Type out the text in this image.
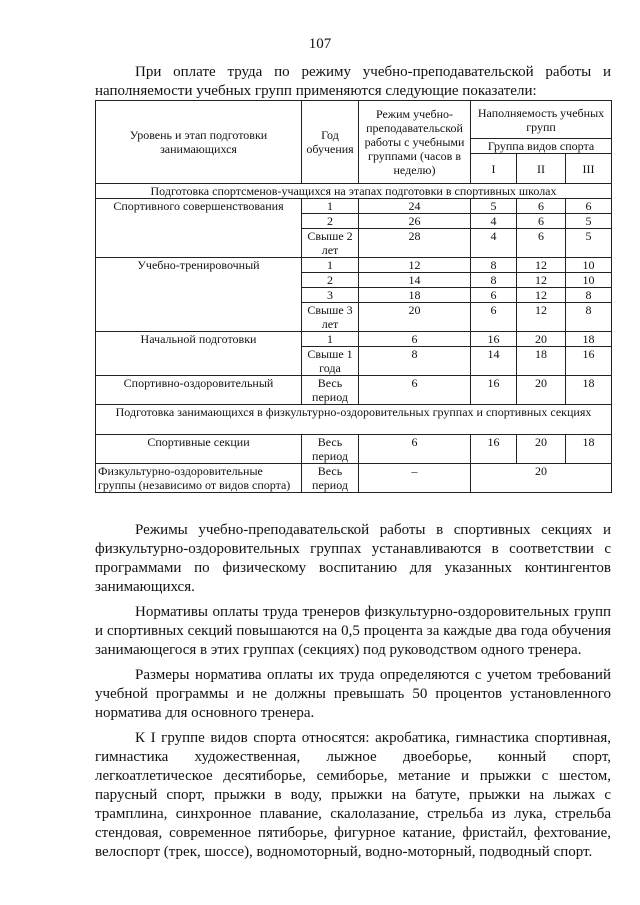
107

При оплате труда по режиму учебно-преподавательской работы и наполняемости учебных групп применяются следующие показатели:

Уровень и этап подготовки занимающихся	Год обучения	Режим учебно-преподавательской работы с учебными группами (часов в неделю)	Наполняемость учебных групп		
			Группа видов спорта		
			I	II	III
Подготовка спортсменов-учащихся на этапах подготовки в спортивных школах					
Спортивного совершенствования	1	24	5	6	6
	2	26	4	6	5
	Свыше 2 лет	28	4	6	5
Учебно-тренировочный	1	12	8	12	10
	2	14	8	12	10
	3	18	6	12	8
	Свыше 3 лет	20	6	12	8
Начальной подготовки	1	6	16	20	18
	Свыше 1 года	8	14	18	16
Спортивно-оздоровительный	Весь период	6	16	20	18
Подготовка занимающихся в физкультурно-оздоровительных группах и спортивных секциях					
Спортивные секции	Весь период	6	16	20	18
Физкультурно-оздоровительные группы (независимо от видов спорта)	Весь период	–	20		

Режимы учебно-преподавательской работы в спортивных секциях и физкультурно-оздоровительных группах устанавливаются в соответствии с программами по физическому воспитанию для указанных контингентов занимающихся.

Нормативы оплаты труда тренеров физкультурно-оздоровительных групп и спортивных секций повышаются на 0,5 процента за каждые два года обучения занимающегося в этих группах (секциях) под руководством одного тренера.

Размеры норматива оплаты их труда определяются с учетом требований учебной программы и не должны превышать 50 процентов установленного норматива для основного тренера.

К I группе видов спорта относятся: акробатика, гимнастика спортивная, гимнастика художественная, лыжное двоеборье, конный спорт, легкоатлетическое десятиборье, семиборье, метание и прыжки с шестом, парусный спорт, прыжки в воду, прыжки на батуте, прыжки на лыжах с трамплина, синхронное плавание, скалолазание, стрельба из лука, стрельба стендовая, современное пятиборье, фигурное катание, фристайл, фехтование, велоспорт (трек, шоссе), водномоторный, водно-моторный, подводный спорт.
